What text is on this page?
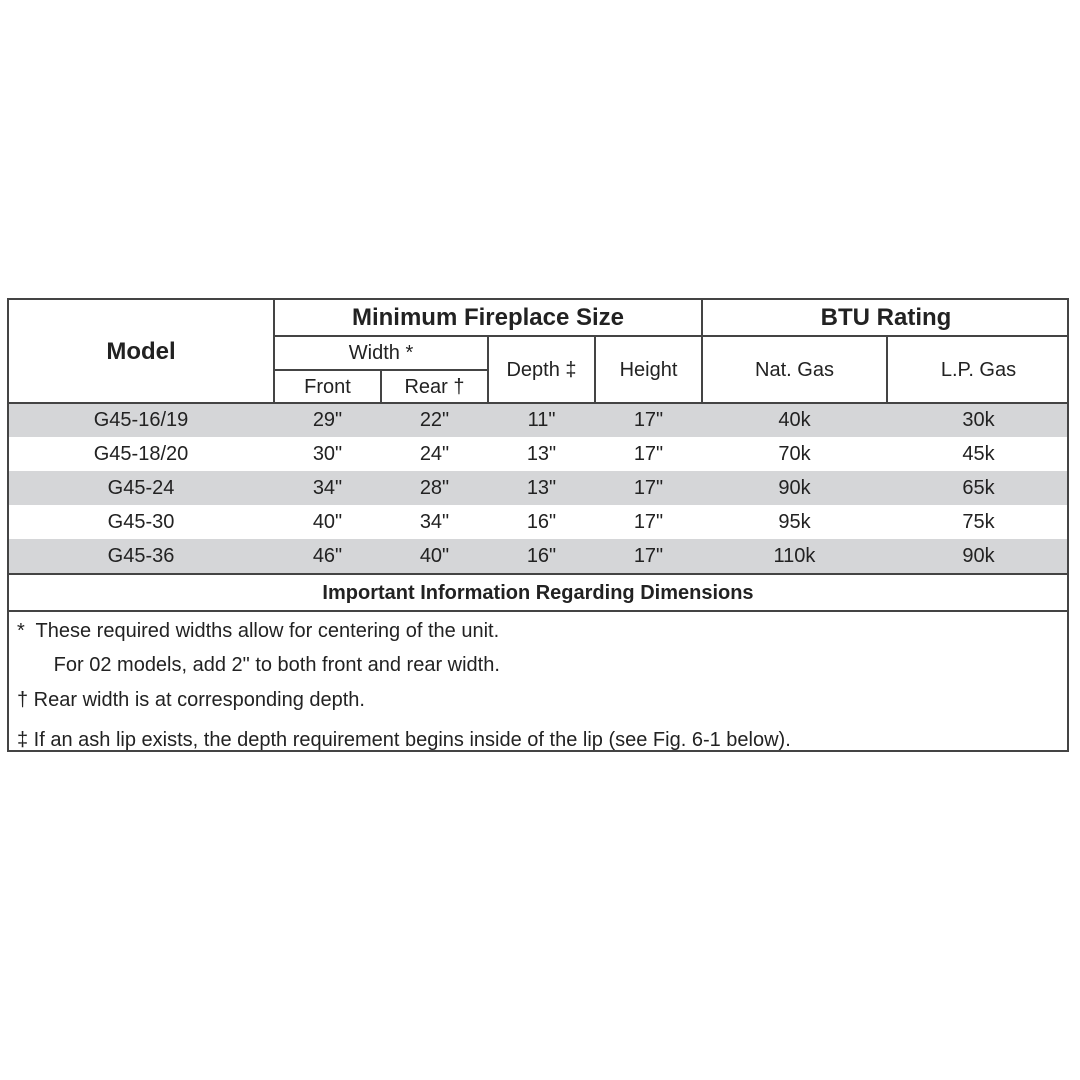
Model
Minimum Fireplace Size	BTU Rating
Width *
Front	Rear †
Depth ‡	Height	Nat. Gas	L.P. Gas
G45-16/19	29"	22"	11"	17"	40k	30k
G45-18/20	30"	24"	13"	17"	70k	45k
G45-24	34"	28"	13"	17"	90k	65k
G45-30	40"	34"	16"	17"	95k	75k
G45-36	46"	40"	16"	17"	110k	90k
Important Information Regarding Dimensions
*  These required widths allow for centering of the unit.
For 02 models, add 2" to both front and rear width.
† Rear width is at corresponding depth.
‡ If an ash lip exists, the depth requirement begins inside of the lip (see Fig. 6-1 below).
